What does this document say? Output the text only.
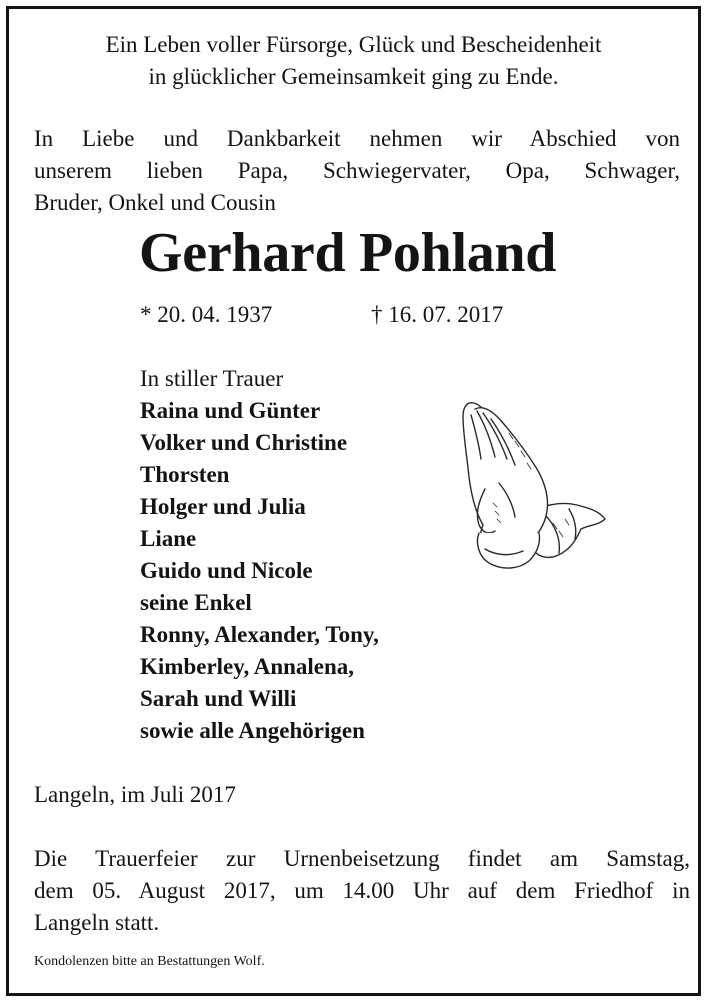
Ein Leben voller Fürsorge, Glück und Bescheidenheit
in glücklicher Gemeinsamkeit ging zu Ende.
In Liebe und Dankbarkeit nehmen wir Abschied von
unserem lieben Papa, Schwiegervater, Opa, Schwager,
Bruder, Onkel und Cousin
Gerhard Pohland
* 20. 04. 1937	† 16. 07. 2017
In stiller Trauer
Raina und Günter
Volker und Christine
Thorsten
Holger und Julia
Liane
Guido und Nicole
seine Enkel
Ronny, Alexander, Tony,
Kimberley, Annalena,
Sarah und Willi
sowie alle Angehörigen
Langeln, im Juli 2017
Die Trauerfeier zur Urnenbeisetzung findet am Samstag,
dem 05. August 2017, um 14.00 Uhr auf dem Friedhof in
Langeln statt.
Kondolenzen bitte an Bestattungen Wolf.
